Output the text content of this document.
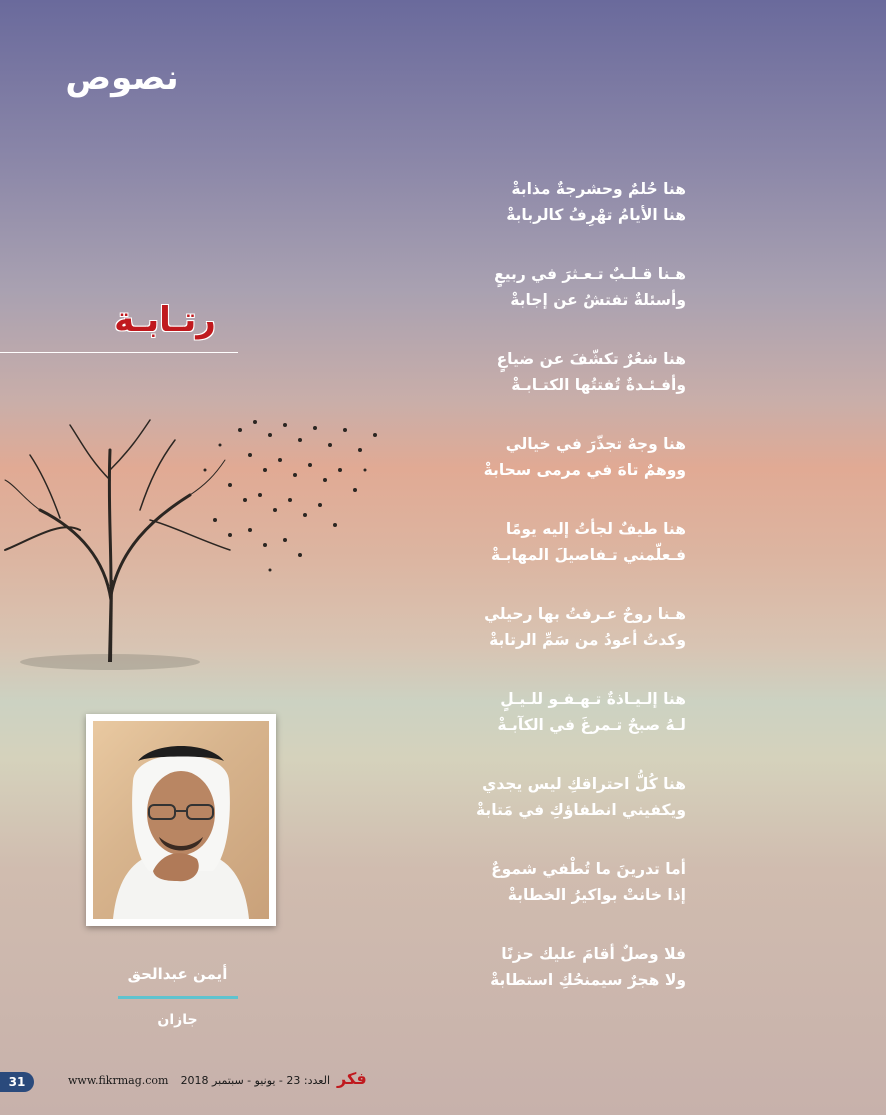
نصوص
رتـابـة
هنا حُلمٌ وحشرجةٌ مذابةْ
هنا الأيامُ تهْرِفُ كالربابةْ
هـنا قـلـبٌ تـعـثرَ في ربيعٍ
وأسئلةٌ تفتشُ عن إجابةْ
هنا شعُرٌ تكشّفَ عن ضياعٍ
وأفـئـدةٌ تُفتتُها الكتـابـةْ
هنا وجهٌ تجذّرَ في خيالي
ووهمٌ تاهَ في مرمى سحابةْ
هنا طيفٌ لجأتُ إليه يومًا
فـعلّمني تـفاصيلَ المهابـةْ
هـنا روحٌ عـرفتُ بها رحيلي
وكدتُ أعودُ من سَمِّ الرتابةْ
هنا إلـيـاذةٌ تـهـفـو للـيـلٍ
لـهُ صبحٌ تـمرغَ في الكآبـةْ
هنا كُلُّ احتراقكِ ليس يجدي
ويكفيني انطفاؤكِ في مَتابةْ
أما تدرينَ ما تُطْفي شموعٌ
إذا خانتْ بواكيرُ الخطابةْ
فلا وصلٌ أقامَ عليك حزنًا
ولا هجرٌ سيمنحُكِ استطابةْ
أيمن عبدالحق
جازان
31	www.fikrmag.com العدد: 23 - يونيو - سبتمبر 2018 فكر
